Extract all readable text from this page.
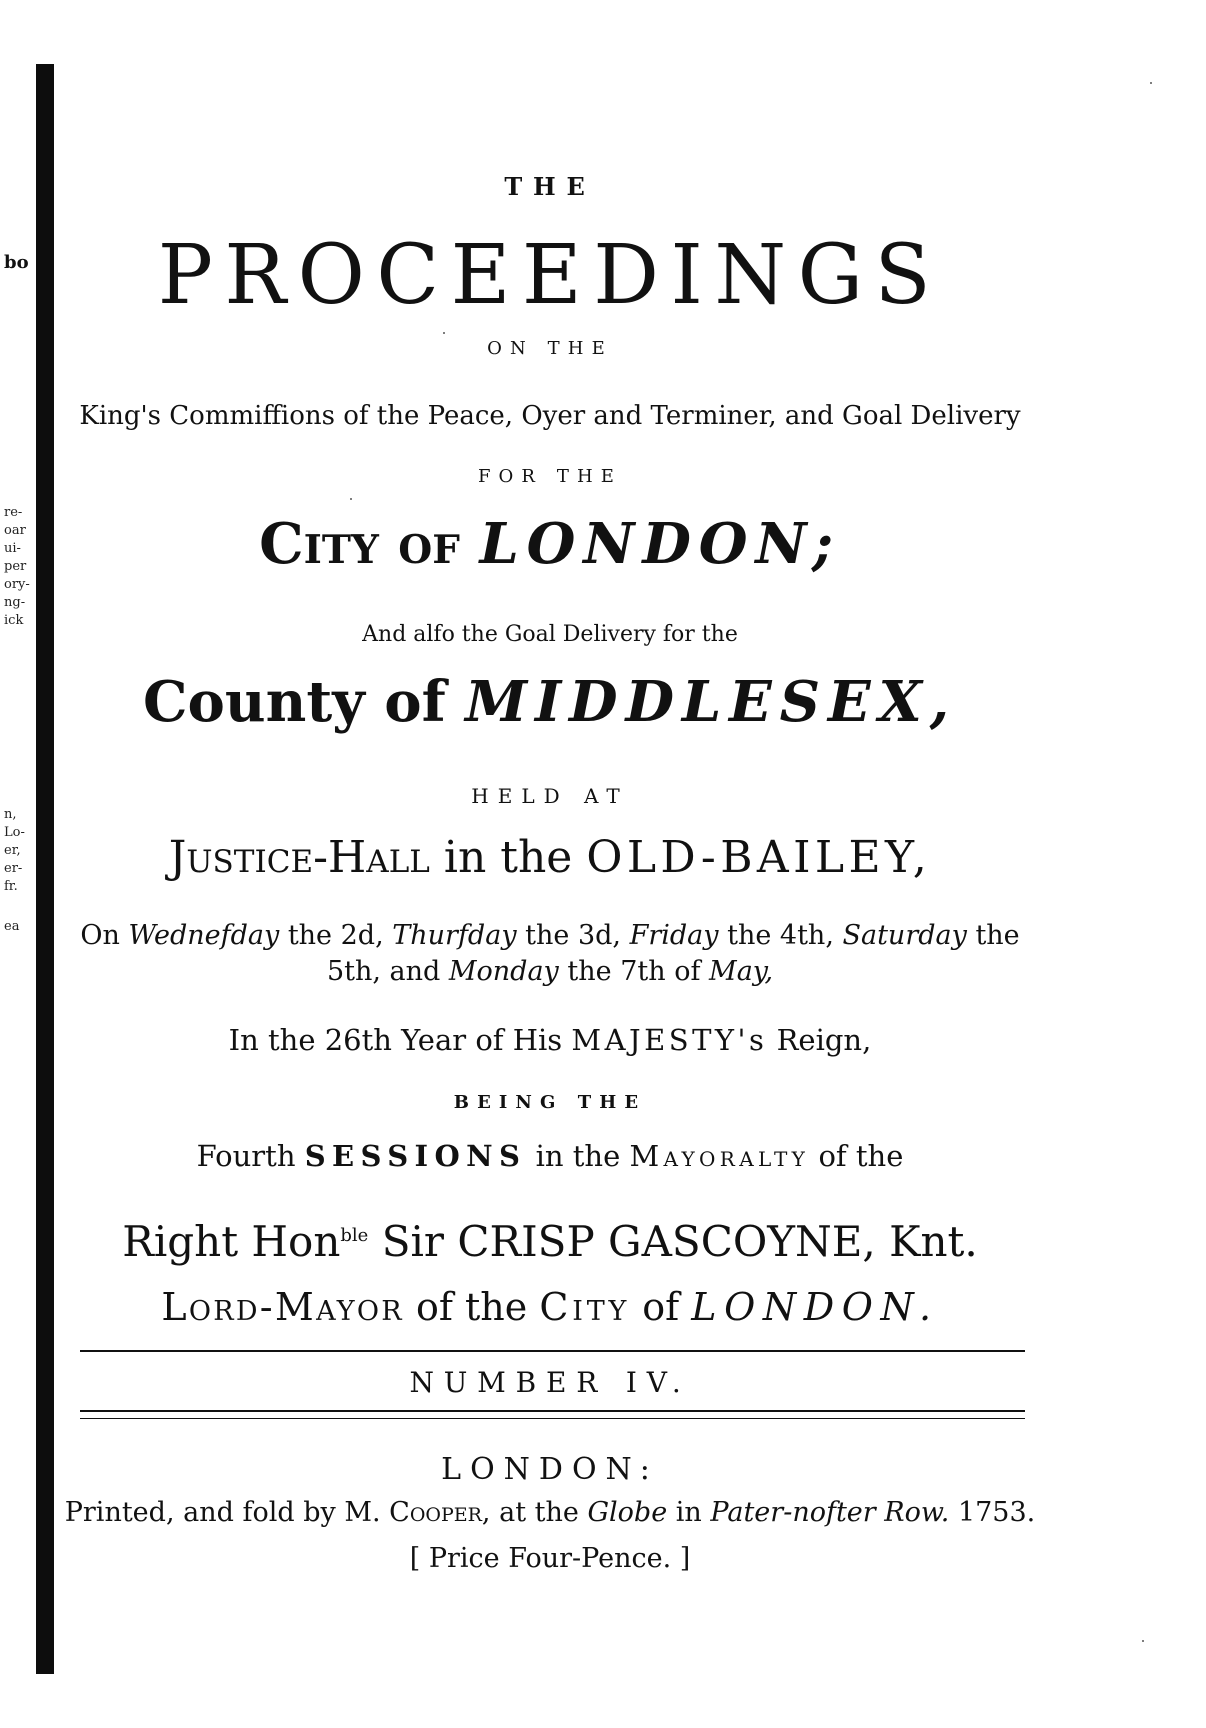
bo
re-
oar
ui-
per
ory-
ng-
ick
n,
Lo-
er,
er-
fr.
ea
THE
PROCEEDINGS
ON THE
King's Commiffions of the Peace, Oyer and Terminer, and Goal Delivery
FOR THE
City of LONDON;
And alfo the Goal Delivery for the
County of MIDDLESEX,
HELD AT
Justice-Hall in the OLD-BAILEY,
On Wednefday the 2d, Thurfday the 3d, Friday the 4th, Saturday the
5th, and Monday the 7th of May,
In the 26th Year of His MAJESTY's Reign,
BEING THE
Fourth SESSIONS in the Mayoralty of the
Right Hon$^{ble}$ Sir CRISP GASCOYNE, Knt.
Lord-Mayor of the City of LONDON.
NUMBER IV.
LONDON:
Printed, and fold by M. Cooper, at the Globe in Pater-nofter Row. 1753.
[ Price Four-Pence. ]
